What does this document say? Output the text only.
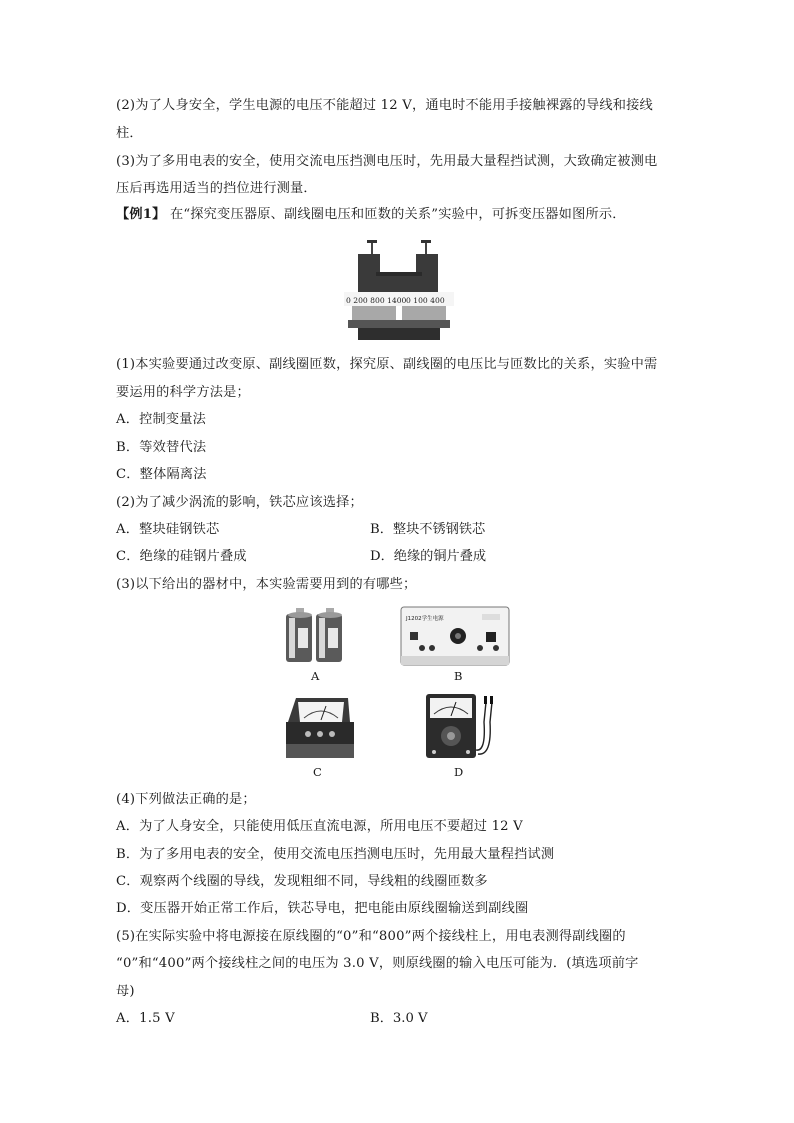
(2)为了人身安全，学生电源的电压不能超过 12 V，通电时不能用手接触裸露的导线和接线
柱．
(3)为了多用电表的安全，使用交流电压挡测电压时，先用最大量程挡试测，大致确定被测电
压后再选用适当的挡位进行测量．
【例1】 在“探究变压器原、副线圈电压和匝数的关系”实验中，可拆变压器如图所示．
0 200 800 1400 0 100 400
(1)本实验要通过改变原、副线圈匝数，探究原、副线圈的电压比与匝数比的关系，实验中需
要运用的科学方法是；
A．控制变量法
B．等效替代法
C．整体隔离法
(2)为了减少涡流的影响，铁芯应该选择；
A．整块硅钢铁芯	B．整块不锈钢铁芯
C．绝缘的硅钢片叠成	D．绝缘的铜片叠成
(3)以下给出的器材中，本实验需要用到的有哪些；
A
J1202学生电源
B
C	D
(4)下列做法正确的是；
A．为了人身安全，只能使用低压直流电源，所用电压不要超过 12 V
B．为了多用电表的安全，使用交流电压挡测电压时，先用最大量程挡试测
C．观察两个线圈的导线，发现粗细不同，导线粗的线圈匝数多
D．变压器开始正常工作后，铁芯导电，把电能由原线圈输送到副线圈
(5)在实际实验中将电源接在原线圈的“0”和“800”两个接线柱上，用电表测得副线圈的
“0”和“400”两个接线柱之间的电压为 3.0 V，则原线圈的输入电压可能为．(填选项前字
母)
A．1.5 V	B．3.0 V
